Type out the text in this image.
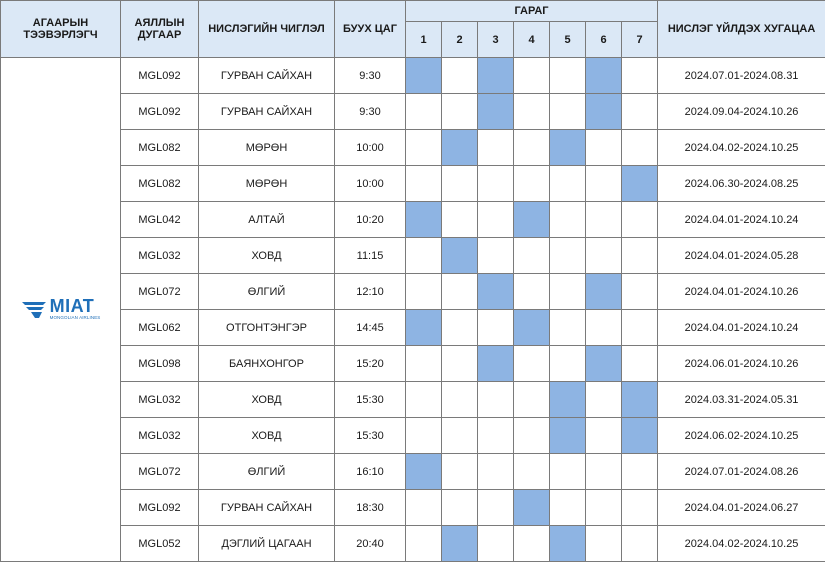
АГААРЫН ТЭЭВЭРЛЭГЧ	АЯЛЛЫН ДУГААР	НИСЛЭГИЙН ЧИГЛЭЛ	БУУХ ЦАГ	ГАРАГ							НИСЛЭГ ҮЙЛДЭХ ХУГАЦАА
				1	2	3	4	5	6	7	

MIAT
MONGOLIAN AIRLINES	MGL092	ГУРВАН САЙХАН	9:30								2024.07.01-2024.08.31
	MGL092	ГУРВАН САЙХАН	9:30								2024.09.04-2024.10.26
	MGL082	МӨРӨН	10:00								2024.04.02-2024.10.25
	MGL082	МӨРӨН	10:00								2024.06.30-2024.08.25
	MGL042	АЛТАЙ	10:20								2024.04.01-2024.10.24
	MGL032	ХОВД	11:15								2024.04.01-2024.05.28
	MGL072	ӨЛГИЙ	12:10								2024.04.01-2024.10.26
	MGL062	ОТГОНТЭНГЭР	14:45								2024.04.01-2024.10.24
	MGL098	БАЯНХОНГОР	15:20								2024.06.01-2024.10.26
	MGL032	ХОВД	15:30								2024.03.31-2024.05.31
	MGL032	ХОВД	15:30								2024.06.02-2024.10.25
	MGL072	ӨЛГИЙ	16:10								2024.07.01-2024.08.26
	MGL092	ГУРВАН САЙХАН	18:30								2024.04.01-2024.06.27
	MGL052	ДЭГЛИЙ ЦАГААН	20:40								2024.04.02-2024.10.25
